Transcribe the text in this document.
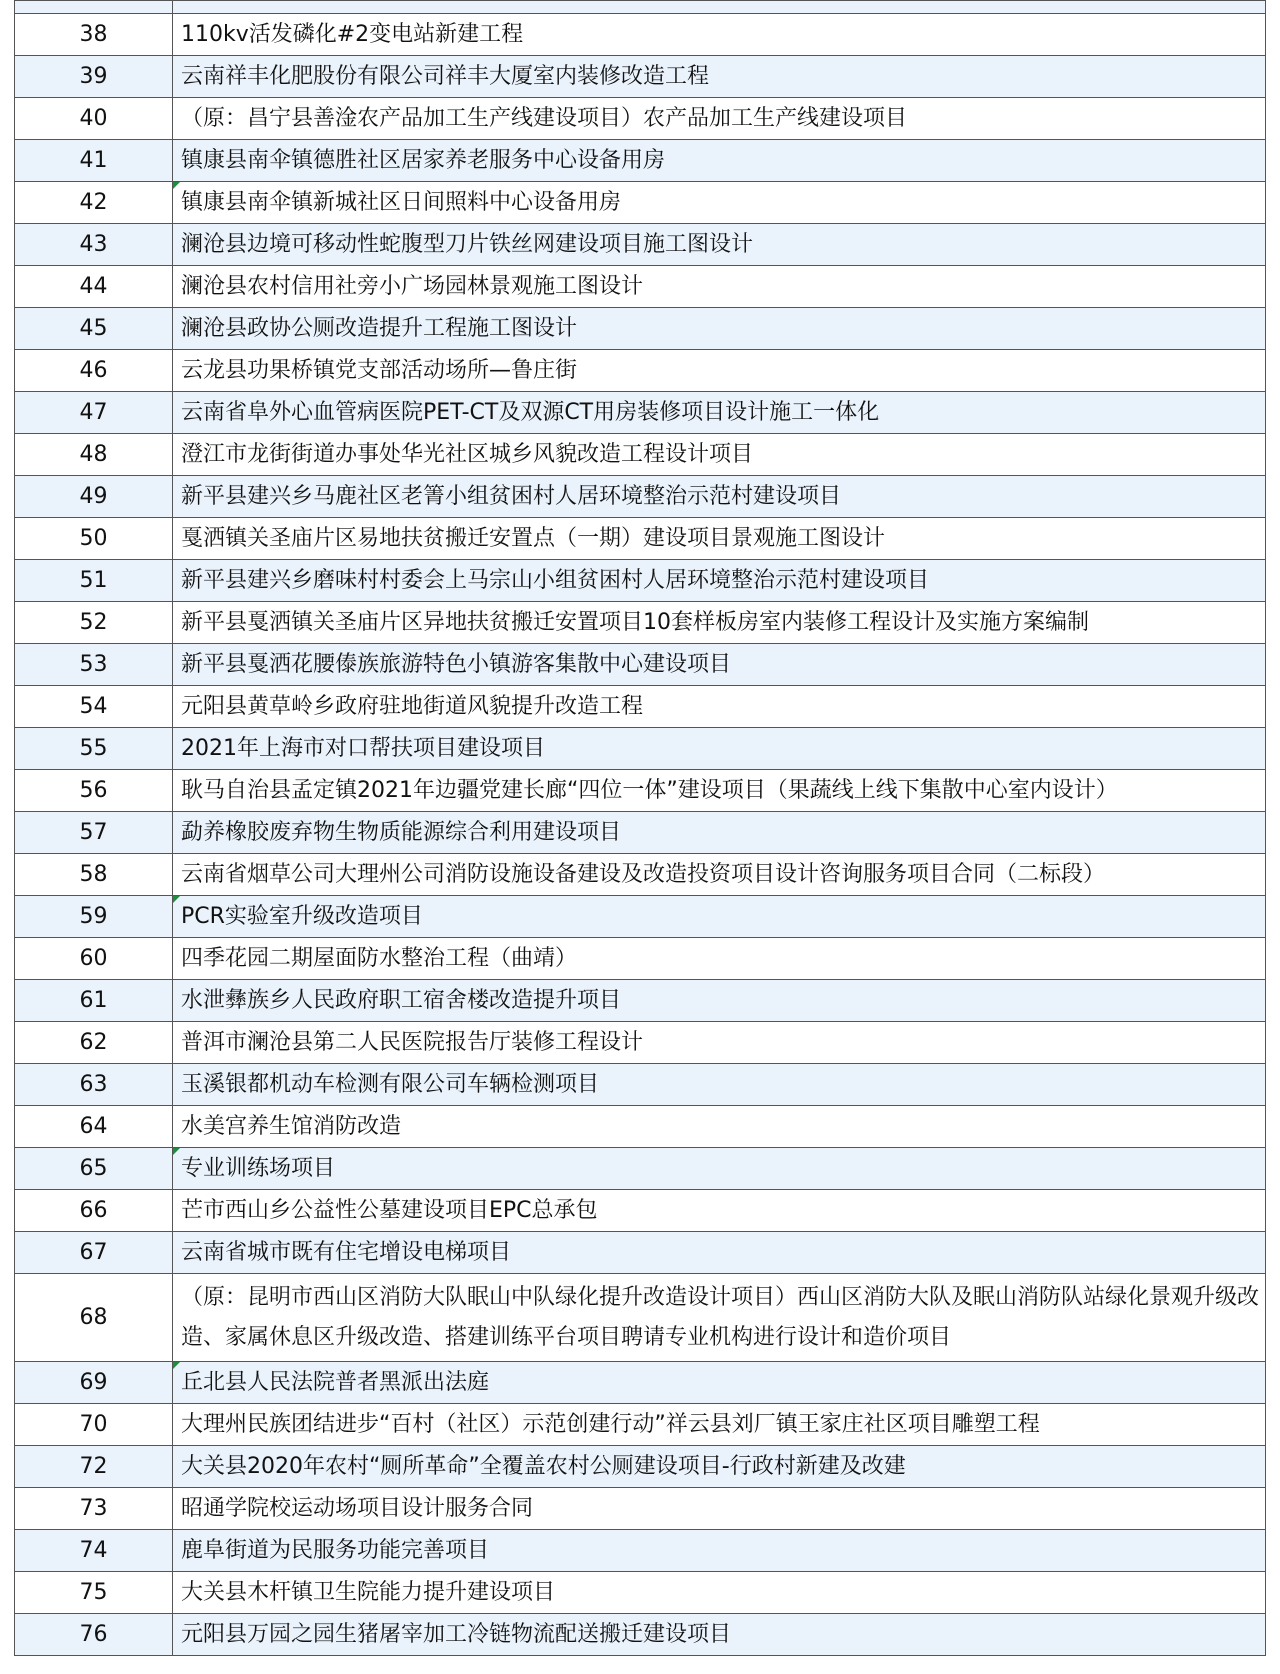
38	110kv活发磷化#2变电站新建工程
39	云南祥丰化肥股份有限公司祥丰大厦室内装修改造工程
40	（原：昌宁县善淦农产品加工生产线建设项目）农产品加工生产线建设项目
41	镇康县南伞镇德胜社区居家养老服务中心设备用房
42	镇康县南伞镇新城社区日间照料中心设备用房
43	澜沧县边境可移动性蛇腹型刀片铁丝网建设项目施工图设计
44	澜沧县农村信用社旁小广场园林景观施工图设计
45	澜沧县政协公厕改造提升工程施工图设计
46	云龙县功果桥镇党支部活动场所—鲁庄街
47	云南省阜外心血管病医院PET-CT及双源CT用房装修项目设计施工一体化
48	澄江市龙街街道办事处华光社区城乡风貌改造工程设计项目
49	新平县建兴乡马鹿社区老箐小组贫困村人居环境整治示范村建设项目
50	戛洒镇关圣庙片区易地扶贫搬迁安置点（一期）建设项目景观施工图设计
51	新平县建兴乡磨味村村委会上马宗山小组贫困村人居环境整治示范村建设项目
52	新平县戛洒镇关圣庙片区异地扶贫搬迁安置项目10套样板房室内装修工程设计及实施方案编制
53	新平县戛洒花腰傣族旅游特色小镇游客集散中心建设项目
54	元阳县黄草岭乡政府驻地街道风貌提升改造工程
55	2021年上海市对口帮扶项目建设项目
56	耿马自治县孟定镇2021年边疆党建长廊“四位一体”建设项目（果蔬线上线下集散中心室内设计）
57	勐养橡胶废弃物生物质能源综合利用建设项目
58	云南省烟草公司大理州公司消防设施设备建设及改造投资项目设计咨询服务项目合同（二标段）
59	PCR实验室升级改造项目
60	四季花园二期屋面防水整治工程（曲靖）
61	水泄彝族乡人民政府职工宿舍楼改造提升项目
62	普洱市澜沧县第二人民医院报告厅装修工程设计
63	玉溪银都机动车检测有限公司车辆检测项目
64	水美宫养生馆消防改造
65	专业训练场项目
66	芒市西山乡公益性公墓建设项目EPC总承包
67	云南省城市既有住宅增设电梯项目
68	（原：昆明市西山区消防大队眠山中队绿化提升改造设计项目）西山区消防大队及眠山消防队站绿化景观升级改造、家属休息区升级改造、搭建训练平台项目聘请专业机构进行设计和造价项目
69	丘北县人民法院普者黑派出法庭
70	大理州民族团结进步“百村（社区）示范创建行动”祥云县刘厂镇王家庄社区项目雕塑工程
72	大关县2020年农村“厕所革命”全覆盖农村公厕建设项目-行政村新建及改建
73	昭通学院校运动场项目设计服务合同
74	鹿阜街道为民服务功能完善项目
75	大关县木杆镇卫生院能力提升建设项目
76	元阳县万园之园生猪屠宰加工冷链物流配送搬迁建设项目
